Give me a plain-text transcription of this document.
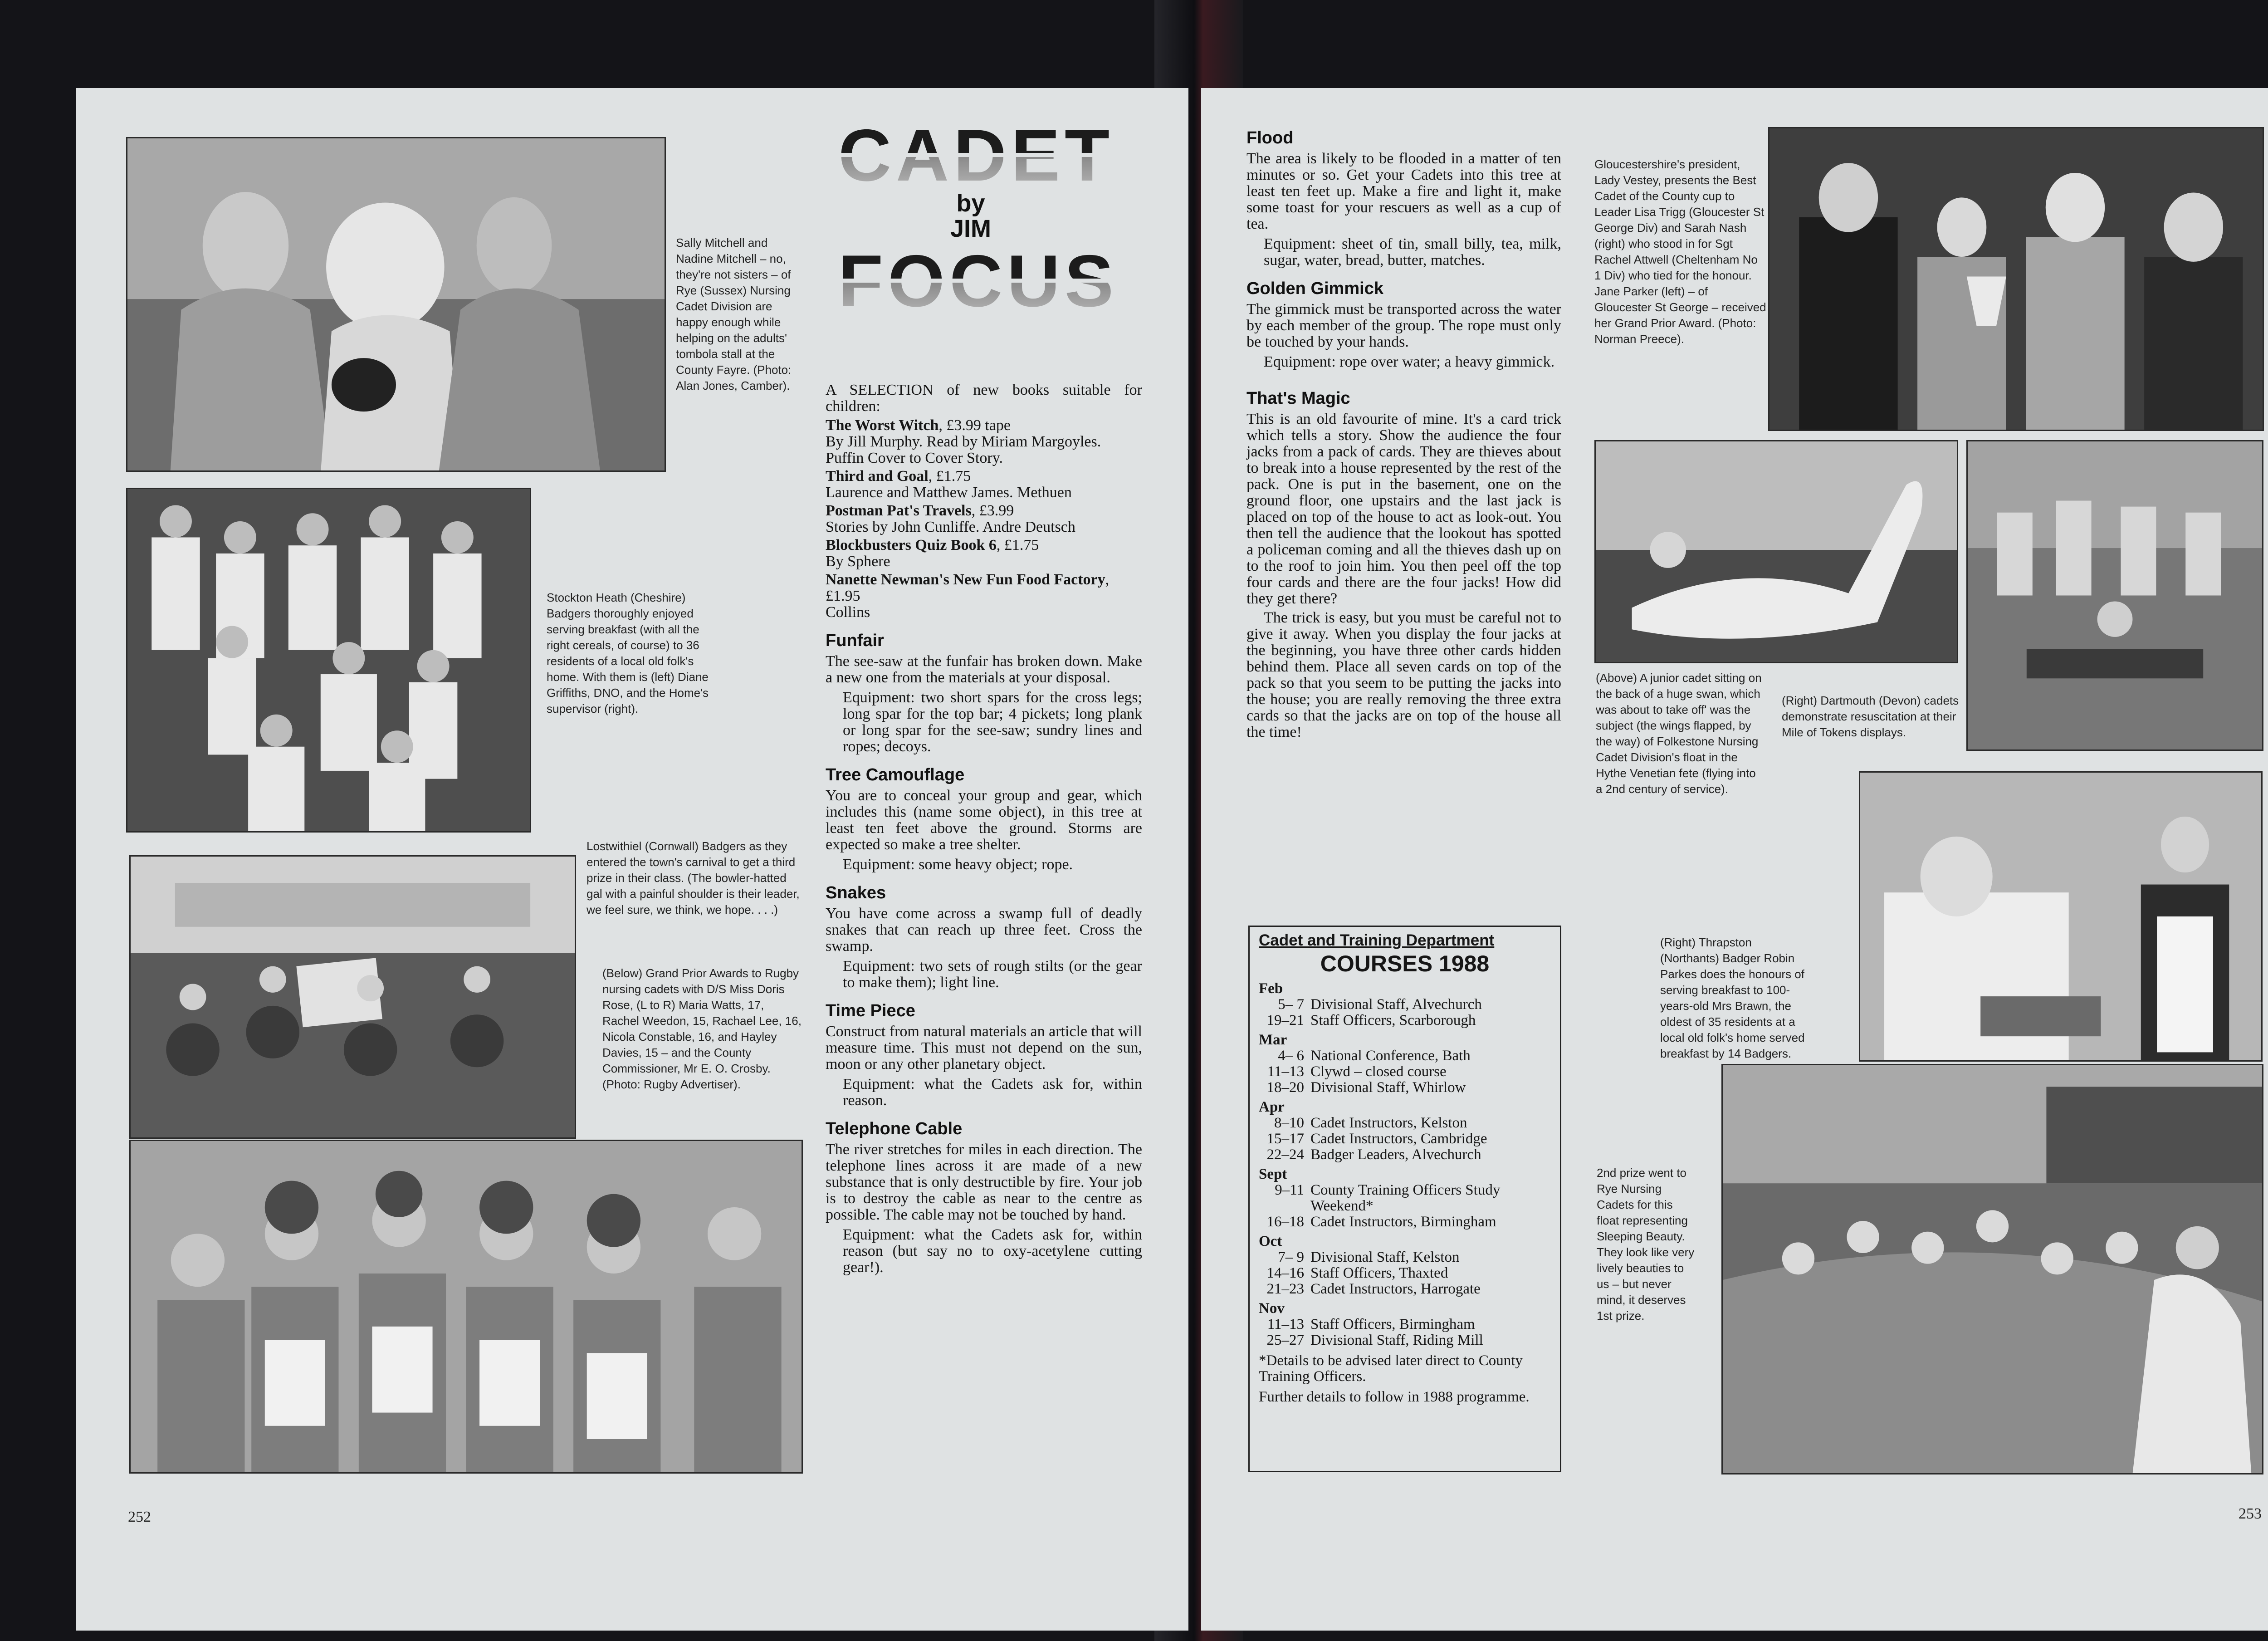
Sally Mitchell and Nadine Mitchell – no, they're not sisters – of Rye (Sussex) Nursing Cadet Division are happy enough while helping on the adults' tombola stall at the County Fayre. (Photo: Alan Jones, Camber).
Stockton Heath (Cheshire) Badgers thoroughly enjoyed serving breakfast (with all the right cereals, of course) to 36 residents of a local old folk's home. With them is (left) Diane Griffiths, DNO, and the Home's supervisor (right).
Lostwithiel (Cornwall) Badgers as they entered the town's carnival to get a third prize in their class. (The bowler-hatted gal with a painful shoulder is their leader, we feel sure, we think, we hope. . . .)
(Below) Grand Prior Awards to Rugby nursing cadets with D/S Miss Doris Rose, (L to R) Maria Watts, 17, Rachel Weedon, 15, Rachael Lee, 16, Nicola Constable, 16, and Hayley Davies, 15 – and the County Commissioner, Mr E. O. Crosby. (Photo: Rugby Advertiser).
CADET
by
JIM
FOCUS

A SELECTION of new books suitable for children:

The Worst Witch, £3.99 tape
By Jill Murphy. Read by Miriam Margoyles. Puffin Cover to Cover Story.

Third and Goal, £1.75
Laurence and Matthew James. Methuen

Postman Pat's Travels, £3.99
Stories by John Cunliffe. Andre Deutsch

Blockbusters Quiz Book 6, £1.75
By Sphere

Nanette Newman's New Fun Food Factory, £1.95
Collins

Funfair

The see-saw at the funfair has broken down. Make a new one from the materials at your disposal.

Equipment: two short spars for the cross legs; long spar for the top bar; 4 pickets; long plank or long spar for the see-saw; sundry lines and ropes; decoys.

Tree Camouflage

You are to conceal your group and gear, which includes this (name some object), in this tree at least ten feet above the ground. Storms are expected so make a tree shelter.

Equipment: some heavy object; rope.

Snakes

You have come across a swamp full of deadly snakes that can reach up three feet. Cross the swamp.

Equipment: two sets of rough stilts (or the gear to make them); light line.

Time Piece

Construct from natural materials an article that will measure time. This must not depend on the sun, moon or any other planetary object.

Equipment: what the Cadets ask for, within reason.

Telephone Cable

The river stretches for miles in each direction. The telephone lines across it are made of a new substance that is only destructible by fire. Your job is to destroy the cable as near to the centre as possible. The cable may not be touched by hand.

Equipment: what the Cadets ask for, within reason (but say no to oxy-acetylene cutting gear!).

252
Flood

The area is likely to be flooded in a matter of ten minutes or so. Get your Cadets into this tree at least ten feet up. Make a fire and light it, make some toast for your rescuers as well as a cup of tea.

Equipment: sheet of tin, small billy, tea, milk, sugar, water, bread, butter, matches.

Golden Gimmick

The gimmick must be transported across the water by each member of the group. The rope must only be touched by your hands.

Equipment: rope over water; a heavy gimmick.

That's Magic

This is an old favourite of mine. It's a card trick which tells a story. Show the audience the four jacks from a pack of cards. They are thieves about to break into a house represented by the rest of the pack. One is put in the basement, one on the ground floor, one upstairs and the last jack is placed on top of the house to act as look-out. You then tell the audience that the lookout has spotted a policeman coming and all the thieves dash up on to the roof to join him. You then peel off the top four cards and there are the four jacks! How did they get there?

The trick is easy, but you must be careful not to give it away. When you display the four jacks at the beginning, you have three other cards hidden behind them. Place all seven cards on top of the pack so that you seem to be putting the jacks into the house; you are really removing the three extra cards so that the jacks are on top of the house all the time!

Cadet and Training Department
COURSES 1988
Feb
5– 7 Divisional Staff, Alvechurch
19–21 Staff Officers, Scarborough
Mar
4– 6 National Conference, Bath
11–13 Clywd – closed course
18–20 Divisional Staff, Whirlow
Apr
8–10 Cadet Instructors, Kelston
15–17 Cadet Instructors, Cambridge
22–24 Badger Leaders, Alvechurch
Sept
9–11 County Training Officers Study Weekend*
16–18 Cadet Instructors, Birmingham
Oct
7– 9 Divisional Staff, Kelston
14–16 Staff Officers, Thaxted
21–23 Cadet Instructors, Harrogate
Nov
11–13 Staff Officers, Birmingham
25–27 Divisional Staff, Riding Mill
*Details to be advised later direct to County Training Officers.
Further details to follow in 1988 programme.
Gloucestershire's president, Lady Vestey, presents the Best Cadet of the County cup to Leader Lisa Trigg (Gloucester St George Div) and Sarah Nash (right) who stood in for Sgt Rachel Attwell (Cheltenham No 1 Div) who tied for the honour. Jane Parker (left) – of Gloucester St George – received her Grand Prior Award. (Photo: Norman Preece).
(Above) A junior cadet sitting on the back of a huge swan, which was about to take off' was the subject (the wings flapped, by the way) of Folkestone Nursing Cadet Division's float in the Hythe Venetian fete (flying into a 2nd century of service).
(Right) Dartmouth (Devon) cadets demonstrate resuscitation at their Mile of Tokens displays.
(Right) Thrapston (Northants) Badger Robin Parkes does the honours of serving breakfast to 100-years-old Mrs Brawn, the oldest of 35 residents at a local old folk's home served breakfast by 14 Badgers.
2nd prize went to Rye Nursing Cadets for this float representing Sleeping Beauty. They look like very lively beauties to us – but never mind, it deserves 1st prize.
253
